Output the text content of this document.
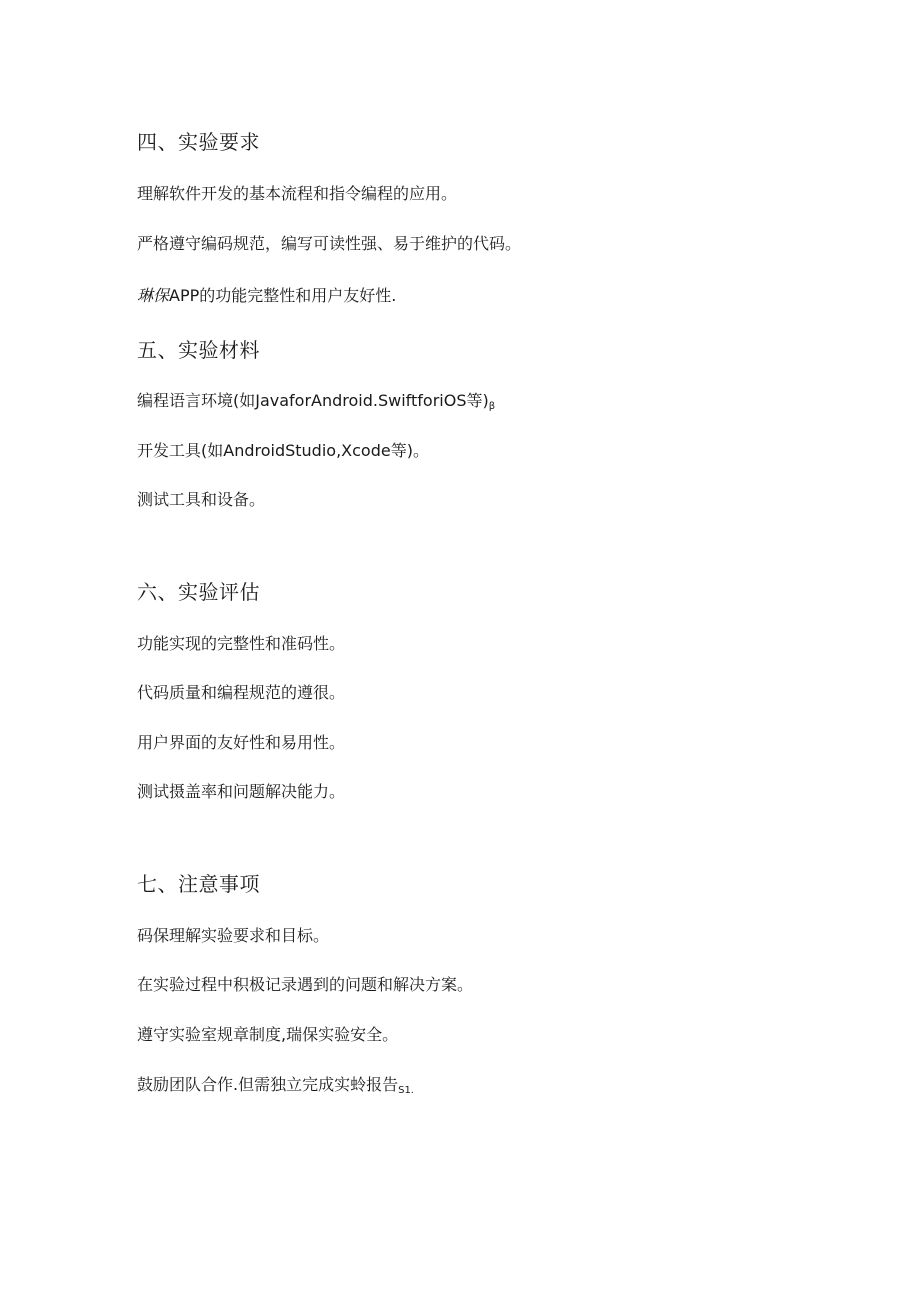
四、实验要求

理解软件开发的基本流程和指令编程的应用。

严格遵守编码规范，编写可读性强、易于维护的代码。

琳保APP的功能完整性和用户友好性.

五、实验材料

编程语言环境(如JavaforAndroid.SwiftforiOS等)$_\beta$

开发工具(如AndroidStudio,Xcode等)。

测试工具和设备。

六、实验评估

功能实现的完整性和准码性。

代码质量和编程规范的遵很。

用户界面的友好性和易用性。

测试摄盖率和问题解决能力。

七、注意事项

码保理解实验要求和目标。

在实验过程中积极记录遇到的问题和解决方案。

遵守实验室规章制度,瑞保实验安全。

鼓励团队合作.但需独立完成实蛉报告$_{S1.}$
